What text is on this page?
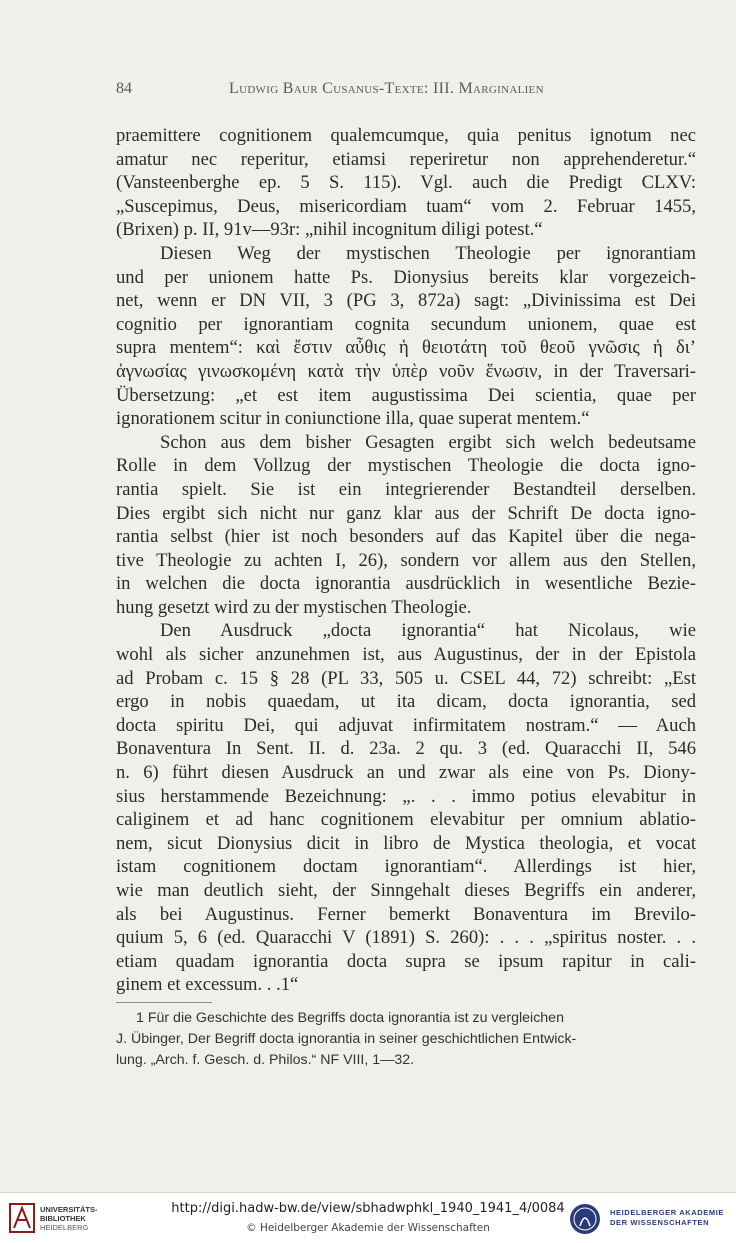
84	Ludwig Baur Cusanus-Texte: III. Marginalien
praemittere cognitionem qualemcumque, quia penitus ignotum nec
amatur nec reperitur, etiamsi reperiretur non apprehenderetur.“
(Vansteenberghe ep. 5 S. 115). Vgl. auch die Predigt CLXV:
„Suscepimus, Deus, misericordiam tuam“ vom 2. Februar 1455,
(Brixen) p. II, 91v—93r: „nihil incognitum diligi potest.“
Diesen Weg der mystischen Theologie per ignorantiam
und per unionem hatte Ps. Dionysius bereits klar vorgezeich-
net, wenn er DN VII, 3 (PG 3, 872a) sagt: „Divinissima est Dei
cognitio per ignorantiam cognita secundum unionem, quae est
supra mentem“: καὶ ἔστιν αὖθις ἡ θειοτάτη τοῦ θεοῦ γνῶσις ἡ δι’
ἀγνωσίας γινωσκομένη κατὰ τὴν ὑπὲρ νοῦν ἕνωσιν, in der Traversari-
Übersetzung: „et est item augustissima Dei scientia, quae per
ignorationem scitur in coniunctione illa, quae superat mentem.“
Schon aus dem bisher Gesagten ergibt sich welch bedeutsame
Rolle in dem Vollzug der mystischen Theologie die docta igno-
rantia spielt. Sie ist ein integrierender Bestandteil derselben.
Dies ergibt sich nicht nur ganz klar aus der Schrift De docta igno-
rantia selbst (hier ist noch besonders auf das Kapitel über die nega-
tive Theologie zu achten I, 26), sondern vor allem aus den Stellen,
in welchen die docta ignorantia ausdrücklich in wesentliche Bezie-
hung gesetzt wird zu der mystischen Theologie.
Den Ausdruck „docta ignorantia“ hat Nicolaus, wie
wohl als sicher anzunehmen ist, aus Augustinus, der in der Epistola
ad Probam c. 15 § 28 (PL 33, 505 u. CSEL 44, 72) schreibt: „Est
ergo in nobis quaedam, ut ita dicam, docta ignorantia, sed
docta spiritu Dei, qui adjuvat infirmitatem nostram.“ — Auch
Bonaventura In Sent. II. d. 23a. 2 qu. 3 (ed. Quaracchi II, 546
n. 6) führt diesen Ausdruck an und zwar als eine von Ps. Diony-
sius herstammende Bezeichnung: „. . . immo potius elevabitur in
caliginem et ad hanc cognitionem elevabitur per omnium ablatio-
nem, sicut Dionysius dicit in libro de Mystica theologia, et vocat
istam cognitionem doctam ignorantiam“. Allerdings ist hier,
wie man deutlich sieht, der Sinngehalt dieses Begriffs ein anderer,
als bei Augustinus. Ferner bemerkt Bonaventura im Brevilo-
quium 5, 6 (ed. Quaracchi V (1891) S. 260): . . . „spiritus noster. . .
etiam quadam ignorantia docta supra se ipsum rapitur in cali-
ginem et excessum. . .1“
1 Für die Geschichte des Begriffs docta ignorantia ist zu vergleichen
J. Übinger, Der Begriff docta ignorantia in seiner geschichtlichen Entwick-
lung. „Arch. f. Gesch. d. Philos.“ NF VIII, 1—32.
UNIVERSITÄTS-
BIBLIOTHEK
HEIDELBERG
http://digi.hadw-bw.de/view/sbhadwphkl_1940_1941_4/0084
© Heidelberger Akademie der Wissenschaften
HEIDELBERGER AKADEMIE
DER WISSENSCHAFTEN
